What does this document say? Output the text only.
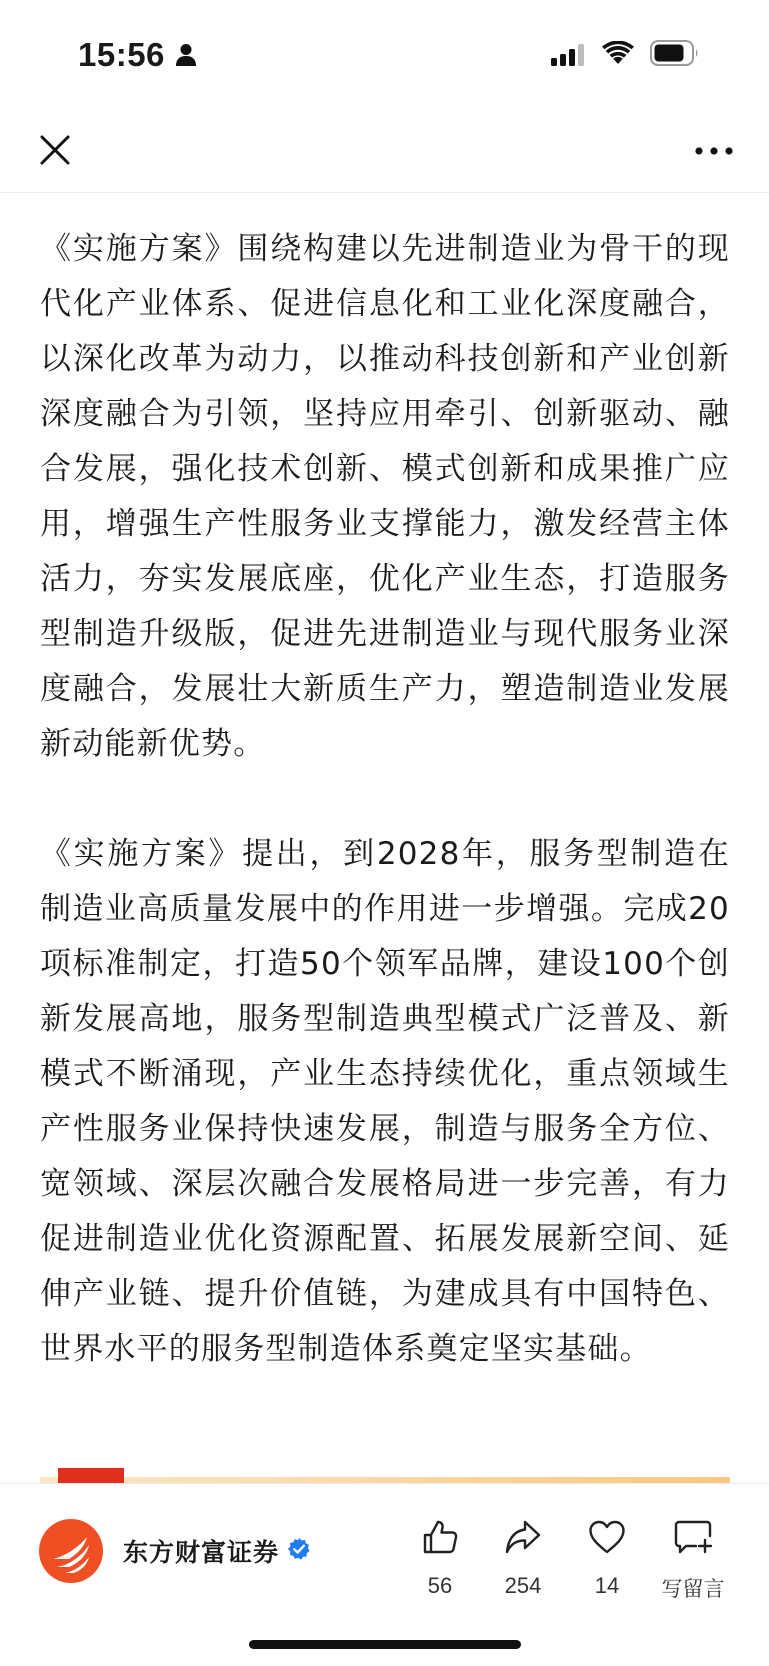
15:56

《实施方案》围绕构建以先进制造业为骨干的现代化产业体系、促进信息化和工业化深度融合，以深化改革为动力，以推动科技创新和产业创新深度融合为引领，坚持应用牵引、创新驱动、融合发展，强化技术创新、模式创新和成果推广应用，增强生产性服务业支撑能力，激发经营主体活力，夯实发展底座，优化产业生态，打造服务型制造升级版，促进先进制造业与现代服务业深度融合，发展壮大新质生产力，塑造制造业发展新动能新优势。

《实施方案》提出，到2028年，服务型制造在制造业高质量发展中的作用进一步增强。完成20项标准制定，打造50个领军品牌，建设100个创新发展高地，服务型制造典型模式广泛普及、新模式不断涌现，产业生态持续优化，重点领域生产性服务业保持快速发展，制造与服务全方位、宽领域、深层次融合发展格局进一步完善，有力促进制造业优化资源配置、拓展发展新空间、延伸产业链、提升价值链，为建成具有中国特色、世界水平的服务型制造体系奠定坚实基础。

东方财富证券
56	254	14	写留言
